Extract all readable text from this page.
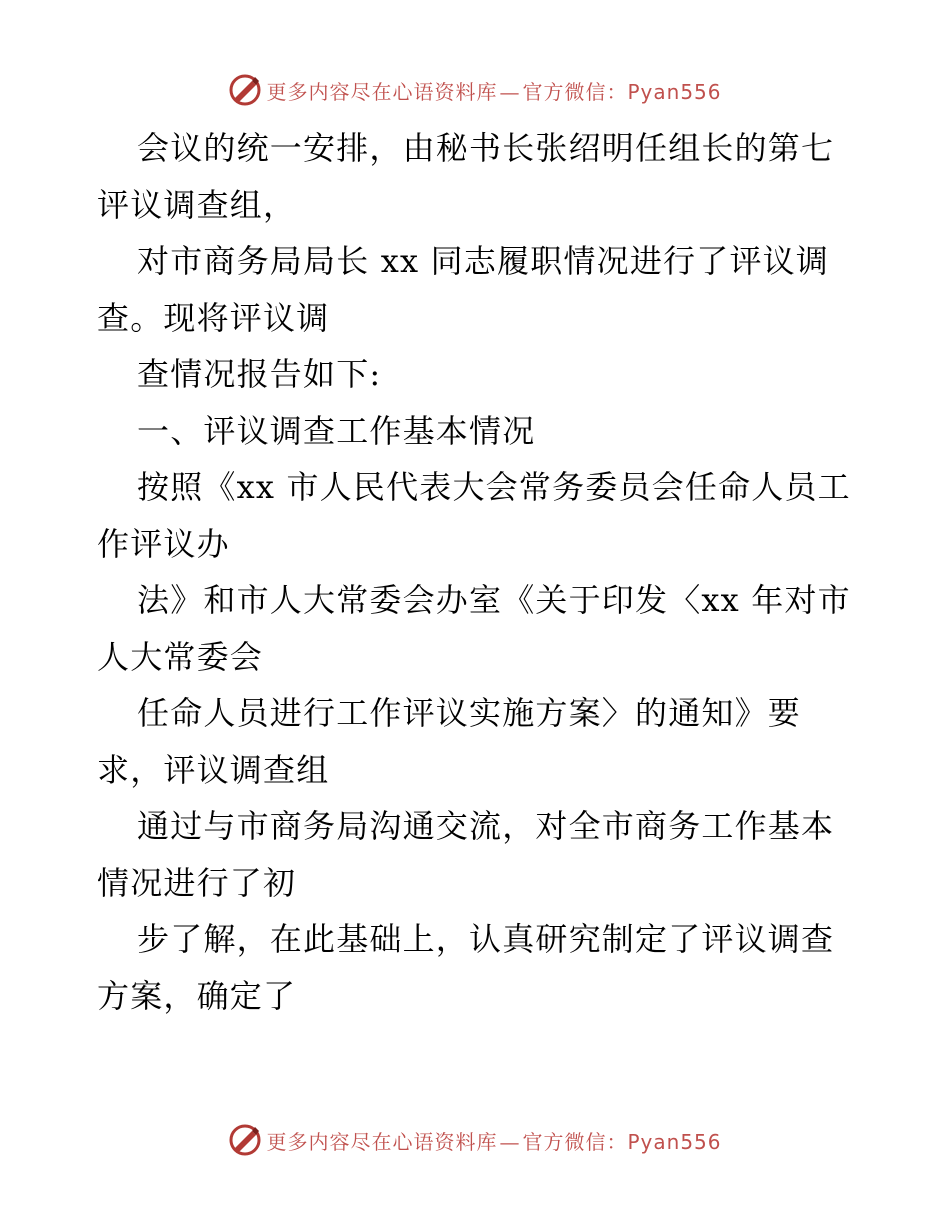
更多内容尽在心语资料库 — 官方微信：Pyan556

会议的统一安排，由秘书长张绍明任组长的第七评议调查组，

对市商务局局长 xx 同志履职情况进行了评议调查。现将评议调

查情况报告如下:

一、评议调查工作基本情况

按照《xx 市人民代表大会常务委员会任命人员工作评议办

法》和市人大常委会办室《关于印发〈xx 年对市人大常委会

任命人员进行工作评议实施方案〉的通知》要求，评议调查组

通过与市商务局沟通交流，对全市商务工作基本情况进行了初

步了解，在此基础上，认真研究制定了评议调查方案，确定了

更多内容尽在心语资料库 — 官方微信：Pyan556
